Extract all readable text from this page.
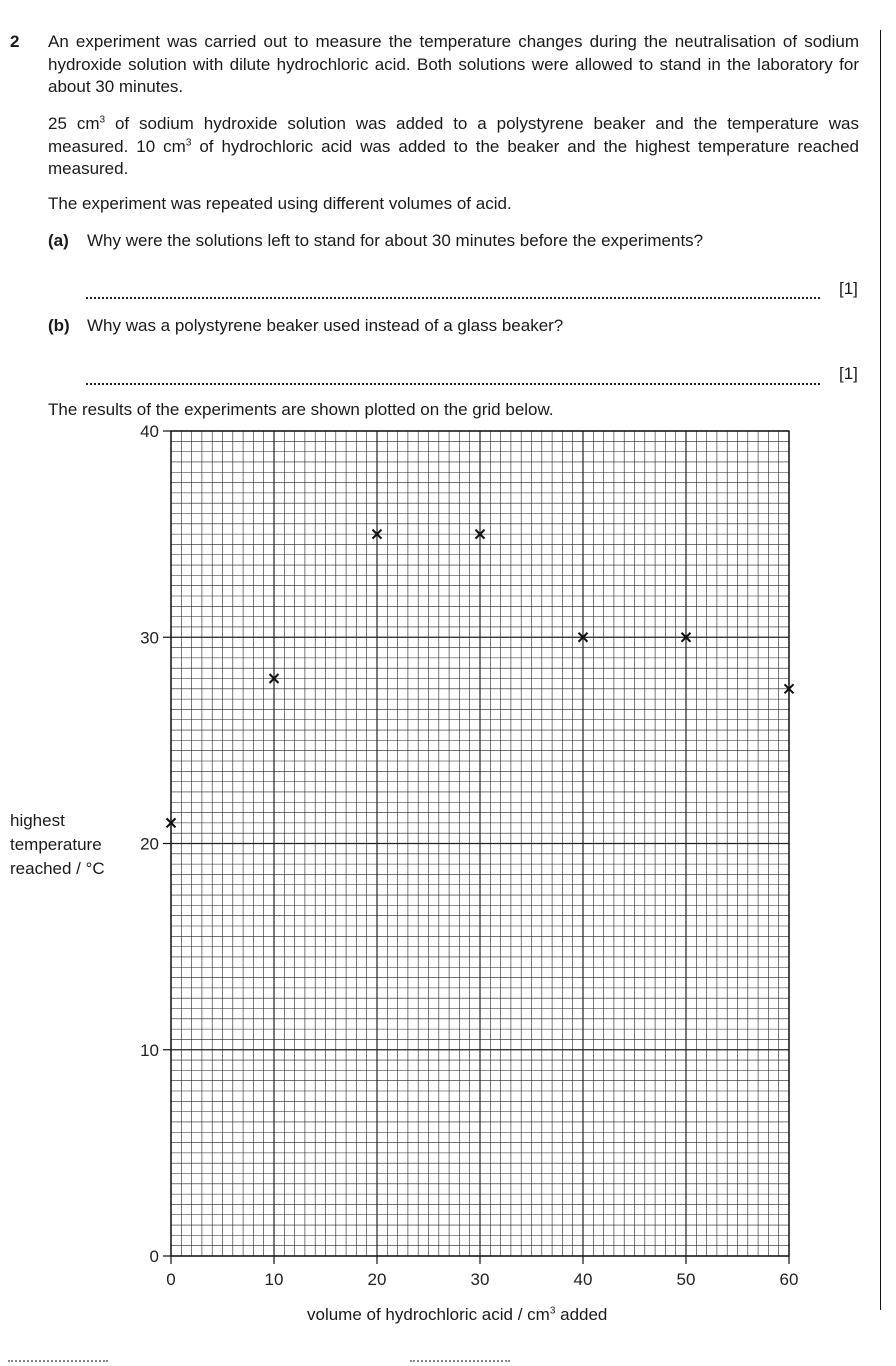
2 An experiment was carried out to measure the temperature changes during the neutralisation of sodium hydroxide solution with dilute hydrochloric acid. Both solutions were allowed to stand in the laboratory for about 30 minutes.
25 $cm^3$ of sodium hydroxide solution was added to a polystyrene beaker and the temperature was measured. 10 $cm^3$ of hydrochloric acid was added to the beaker and the highest temperature reached measured.
The experiment was repeated using different volumes of acid.
(a) Why were the solutions left to stand for about 30 minutes before the experiments?
[1]
(b) Why was a polystyrene beaker used instead of a glass beaker?
[1]
The results of the experiments are shown plotted on the grid below.
0
10
20
30
40
0	10	20	30	40	50	60
highest
temperature
reached / °C
volume of hydrochloric acid / $cm^3$ added
